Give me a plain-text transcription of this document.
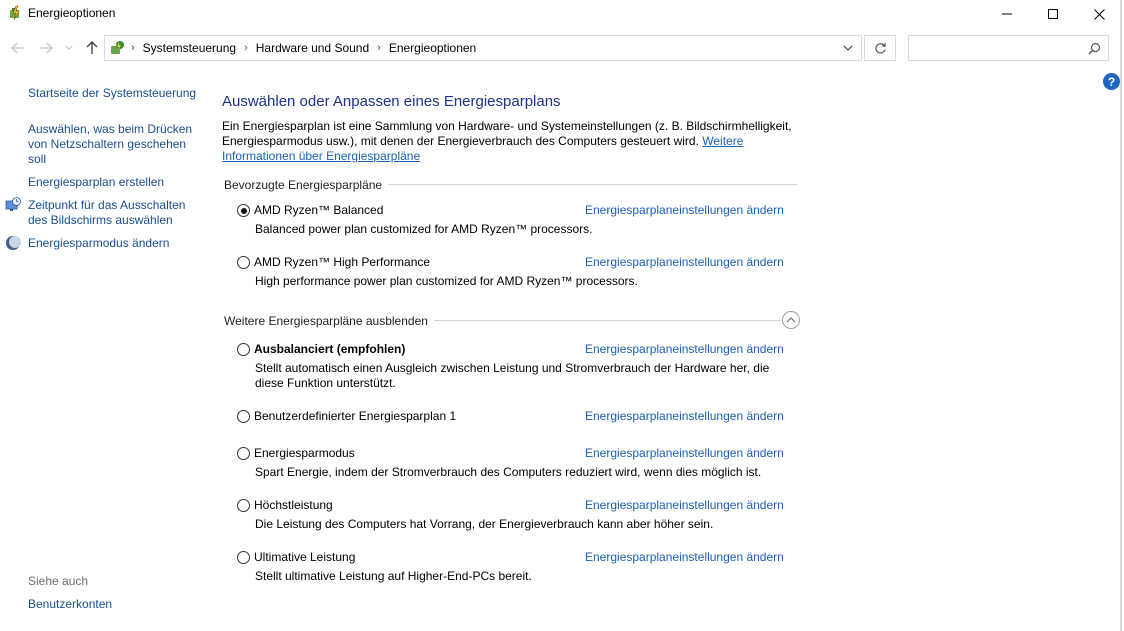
Energieoptionen
› Systemsteuerung › Hardware und Sound › Energieoptionen
?
Startseite der Systemsteuerung
Auswählen, was beim Drücken von Netzschaltern geschehen soll
Energiesparplan erstellen
Zeitpunkt für das Ausschalten des Bildschirms auswählen
Energiesparmodus ändern
Siehe auch
Benutzerkonten
Auswählen oder Anpassen eines Energiesparplans
Ein Energiesparplan ist eine Sammlung von Hardware- und Systemeinstellungen (z. B. Bildschirmhelligkeit, Energiesparmodus usw.), mit denen der Energieverbrauch des Computers gesteuert wird. Weitere Informationen über Energiesparpläne
Bevorzugte Energiesparpläne
AMD Ryzen™ Balanced	Energiesparplaneinstellungen ändern
Balanced power plan customized for AMD Ryzen™ processors.
AMD Ryzen™ High Performance	Energiesparplaneinstellungen ändern
High performance power plan customized for AMD Ryzen™ processors.
Weitere Energiesparpläne ausblenden
Ausbalanciert (empfohlen)	Energiesparplaneinstellungen ändern
Stellt automatisch einen Ausgleich zwischen Leistung und Stromverbrauch der Hardware her, die diese Funktion unterstützt.
Benutzerdefinierter Energiesparplan 1	Energiesparplaneinstellungen ändern
Energiesparmodus	Energiesparplaneinstellungen ändern
Spart Energie, indem der Stromverbrauch des Computers reduziert wird, wenn dies möglich ist.
Höchstleistung	Energiesparplaneinstellungen ändern
Die Leistung des Computers hat Vorrang, der Energieverbrauch kann aber höher sein.
Ultimative Leistung	Energiesparplaneinstellungen ändern
Stellt ultimative Leistung auf Higher-End-PCs bereit.
